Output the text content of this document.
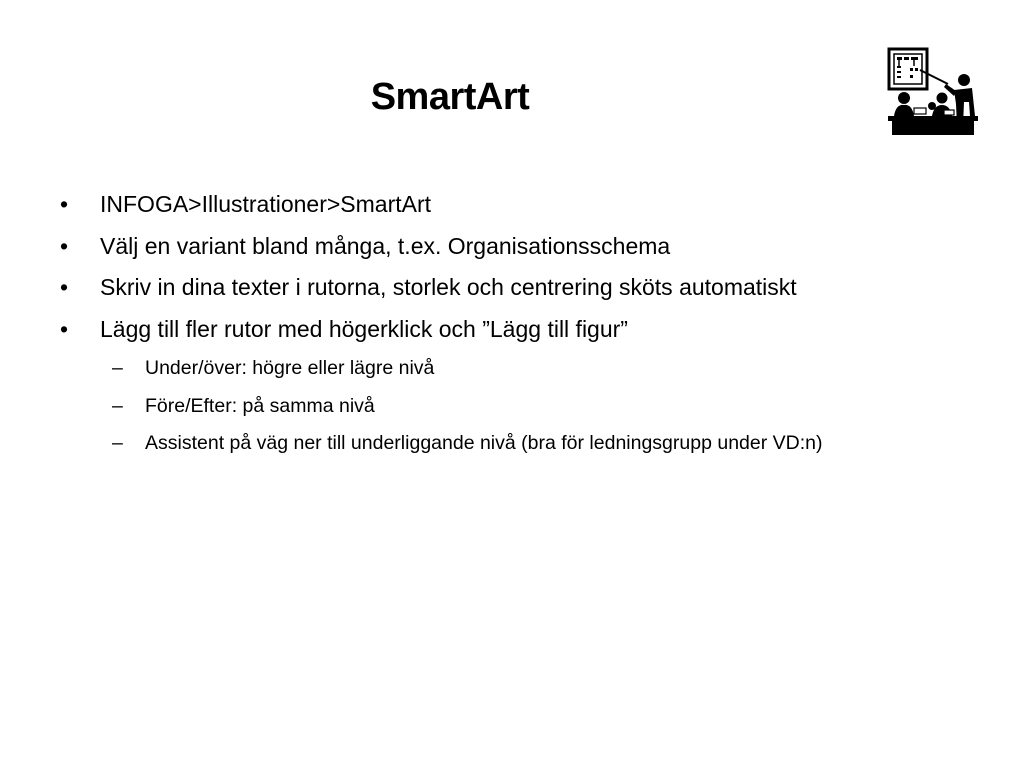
SmartArt
•	INFOGA>Illustrationer>SmartArt
•	Välj en variant bland många, t.ex. Organisationsschema
•	Skriv in dina texter i rutorna, storlek och centrering sköts automatiskt
•	Lägg till fler rutor med högerklick och ”Lägg till figur”
–	Under/över: högre eller lägre nivå
–	Före/Efter: på samma nivå
–	Assistent på väg ner till underliggande nivå (bra för ledningsgrupp under VD:n)
